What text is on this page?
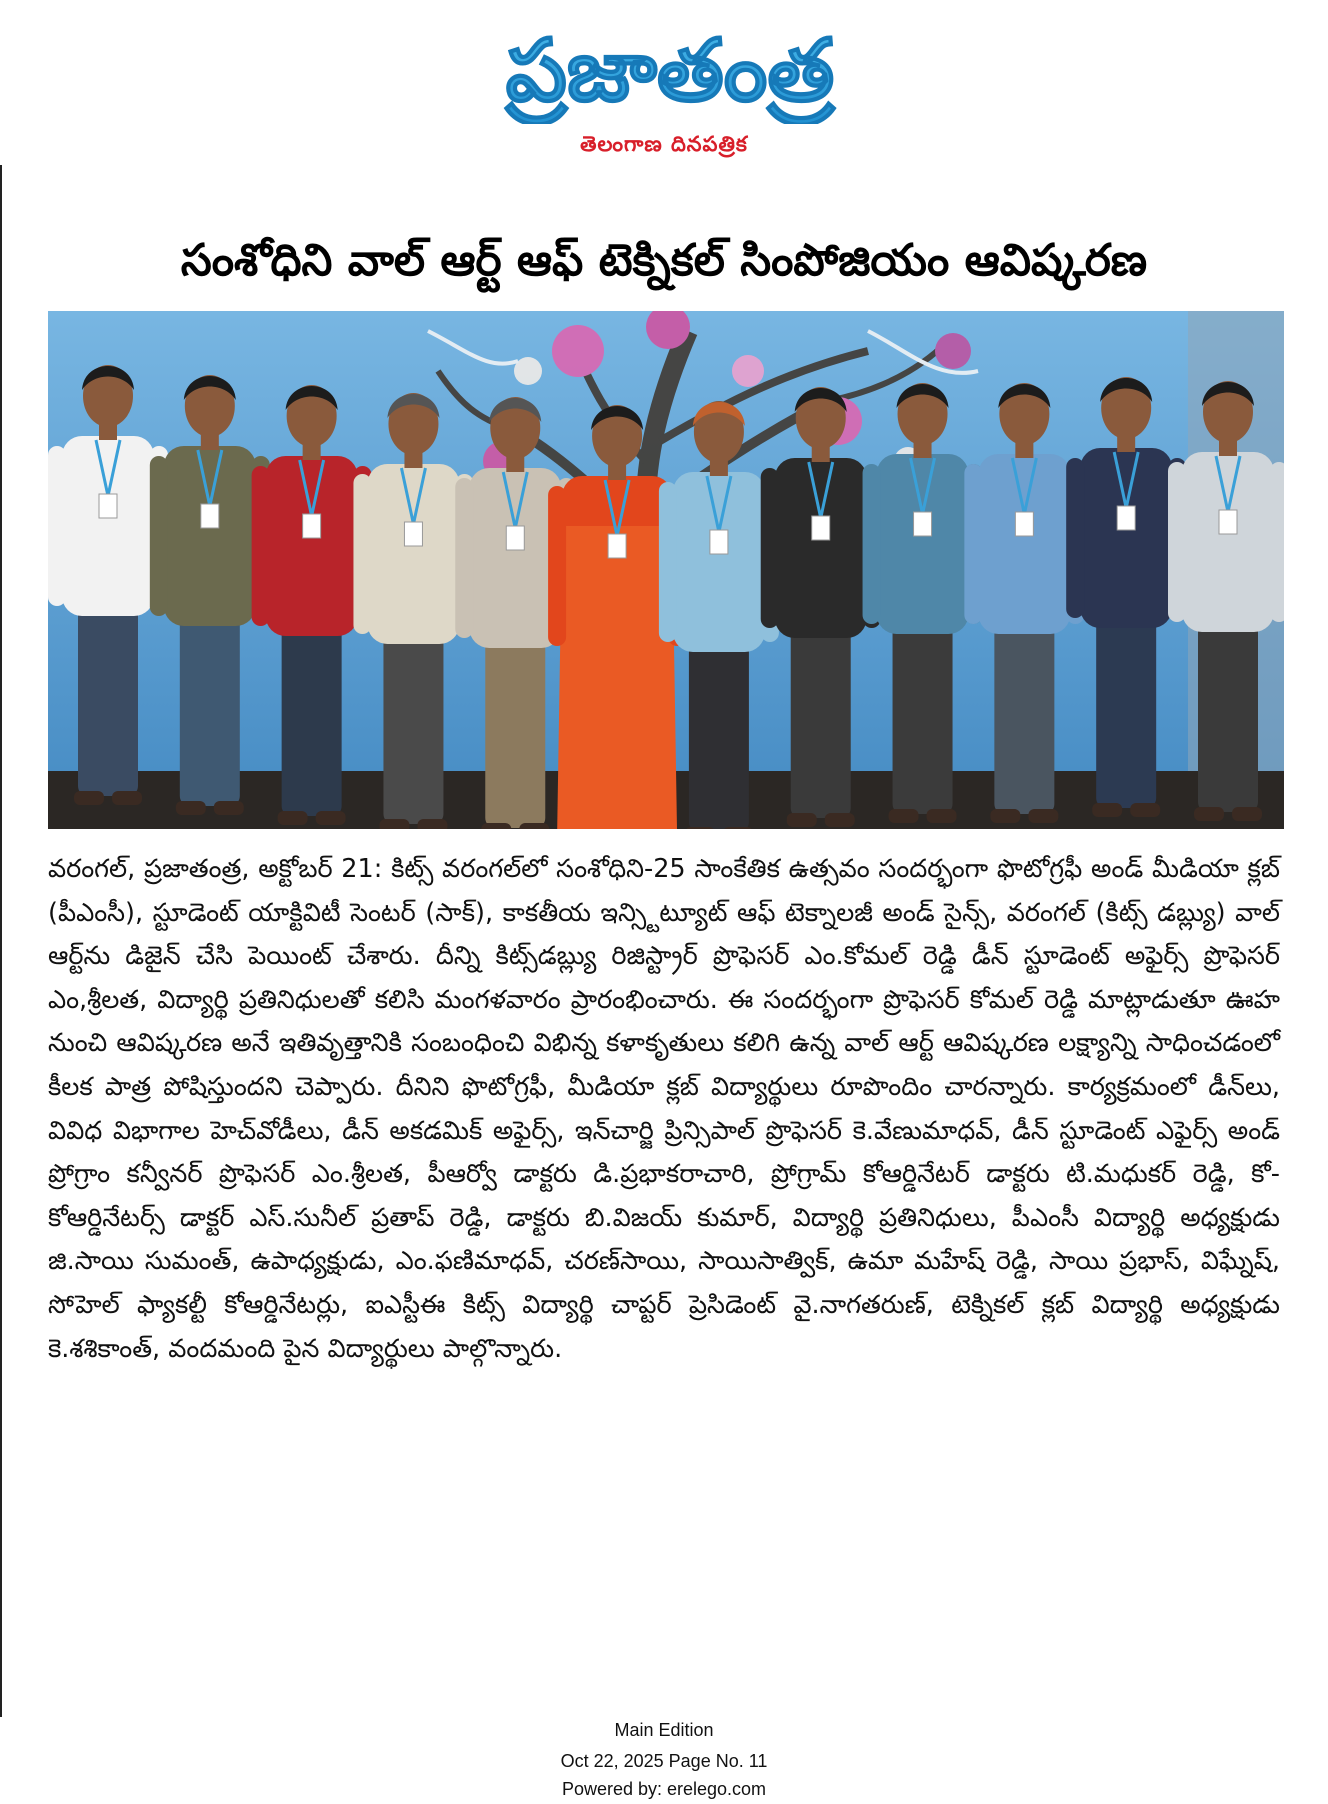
ప్రజాతంత్ర
తెలంగాణ దినపత్రిక
సంశోధిని వాల్ ఆర్ట్ ఆఫ్ టెక్నికల్ సింపోజియం ఆవిష్కరణ
వరంగల్, ప్రజాతంత్ర, అక్టోబర్ 21: కిట్స్ వరంగల్‌లో సంశోధిని-25 సాంకేతిక ఉత్సవం సందర్భంగా ఫొటోగ్రఫీ అండ్ మీడియా క్లబ్ (పీఎంసీ), స్టూడెంట్ యాక్టివిటీ సెంటర్ (సాక్), కాకతీయ ఇన్స్టిట్యూట్ ఆఫ్ టెక్నాలజీ అండ్ సైన్స్, వరంగల్ (కిట్స్ డబ్ల్యు) వాల్ ఆర్ట్‌ను డిజైన్ చేసి పెయింట్ చేశారు. దీన్ని కిట్స్‌డబ్ల్యు రిజిస్ట్రార్ ప్రొఫెసర్ ఎం.కోమల్ రెడ్డి డీన్ స్టూడెంట్ అఫైర్స్ ప్రొఫెసర్ ఎం,శ్రీలత, విద్యార్థి ప్రతినిధులతో కలిసి మంగళవారం ప్రారంభించారు. ఈ సందర్భంగా ప్రొఫెసర్ కోమల్ రెడ్డి మాట్లాడుతూ ఊహ నుంచి ఆవిష్కరణ అనే ఇతివృత్తానికి సంబంధించి విభిన్న కళాకృతులు కలిగి ఉన్న వాల్ ఆర్ట్ ఆవిష్కరణ లక్ష్యాన్ని సాధించడంలో కీలక పాత్ర పోషిస్తుందని చెప్పారు. దీనిని ఫొటోగ్రఫీ, మీడియా క్లబ్ విద్యార్థులు రూపొందిం చారన్నారు. కార్యక్రమంలో డీన్‌లు, వివిధ విభాగాల హెచ్‌వోడీలు, డీన్ అకడమిక్ అఫైర్స్, ఇన్‌చార్జి ప్రిన్సిపాల్ ప్రొఫెసర్ కె.వేణుమాధవ్, డీన్ స్టూడెంట్ ఎఫైర్స్ అండ్ ప్రోగ్రాం కన్వీనర్ ప్రొఫెసర్ ఎం.శ్రీలత, పీఆర్వో డాక్టరు డి.ప్రభాకరాచారి, ప్రోగ్రామ్ కోఆర్డినేటర్ డాక్టరు టి.మధుకర్ రెడ్డి, కో-కోఆర్డినేటర్స్ డాక్టర్ ఎస్.సునీల్ ప్రతాప్ రెడ్డి, డాక్టరు బి.విజయ్ కుమార్, విద్యార్థి ప్రతినిధులు, పీఎంసీ విద్యార్థి అధ్యక్షుడు జి.సాయి సుమంత్, ఉపాధ్యక్షుడు, ఎం.ఫణిమాధవ్, చరణ్‌సాయి, సాయిసాత్విక్, ఉమా మహేష్ రెడ్డి, సాయి ప్రభాస్, విఘ్నేష్, సోహెల్ ఫ్యాకల్టీ కోఆర్డినేటర్లు, ఐఎస్టీఈ కిట్స్ విద్యార్థి చాప్టర్ ప్రెసిడెంట్ వై.నాగతరుణ్, టెక్నికల్ క్లబ్ విద్యార్థి అధ్యక్షుడు కె.శశికాంత్, వందమంది పైన విద్యార్థులు పాల్గొన్నారు.
Main Edition
Oct 22, 2025 Page No. 11
Powered by: erelego.com
